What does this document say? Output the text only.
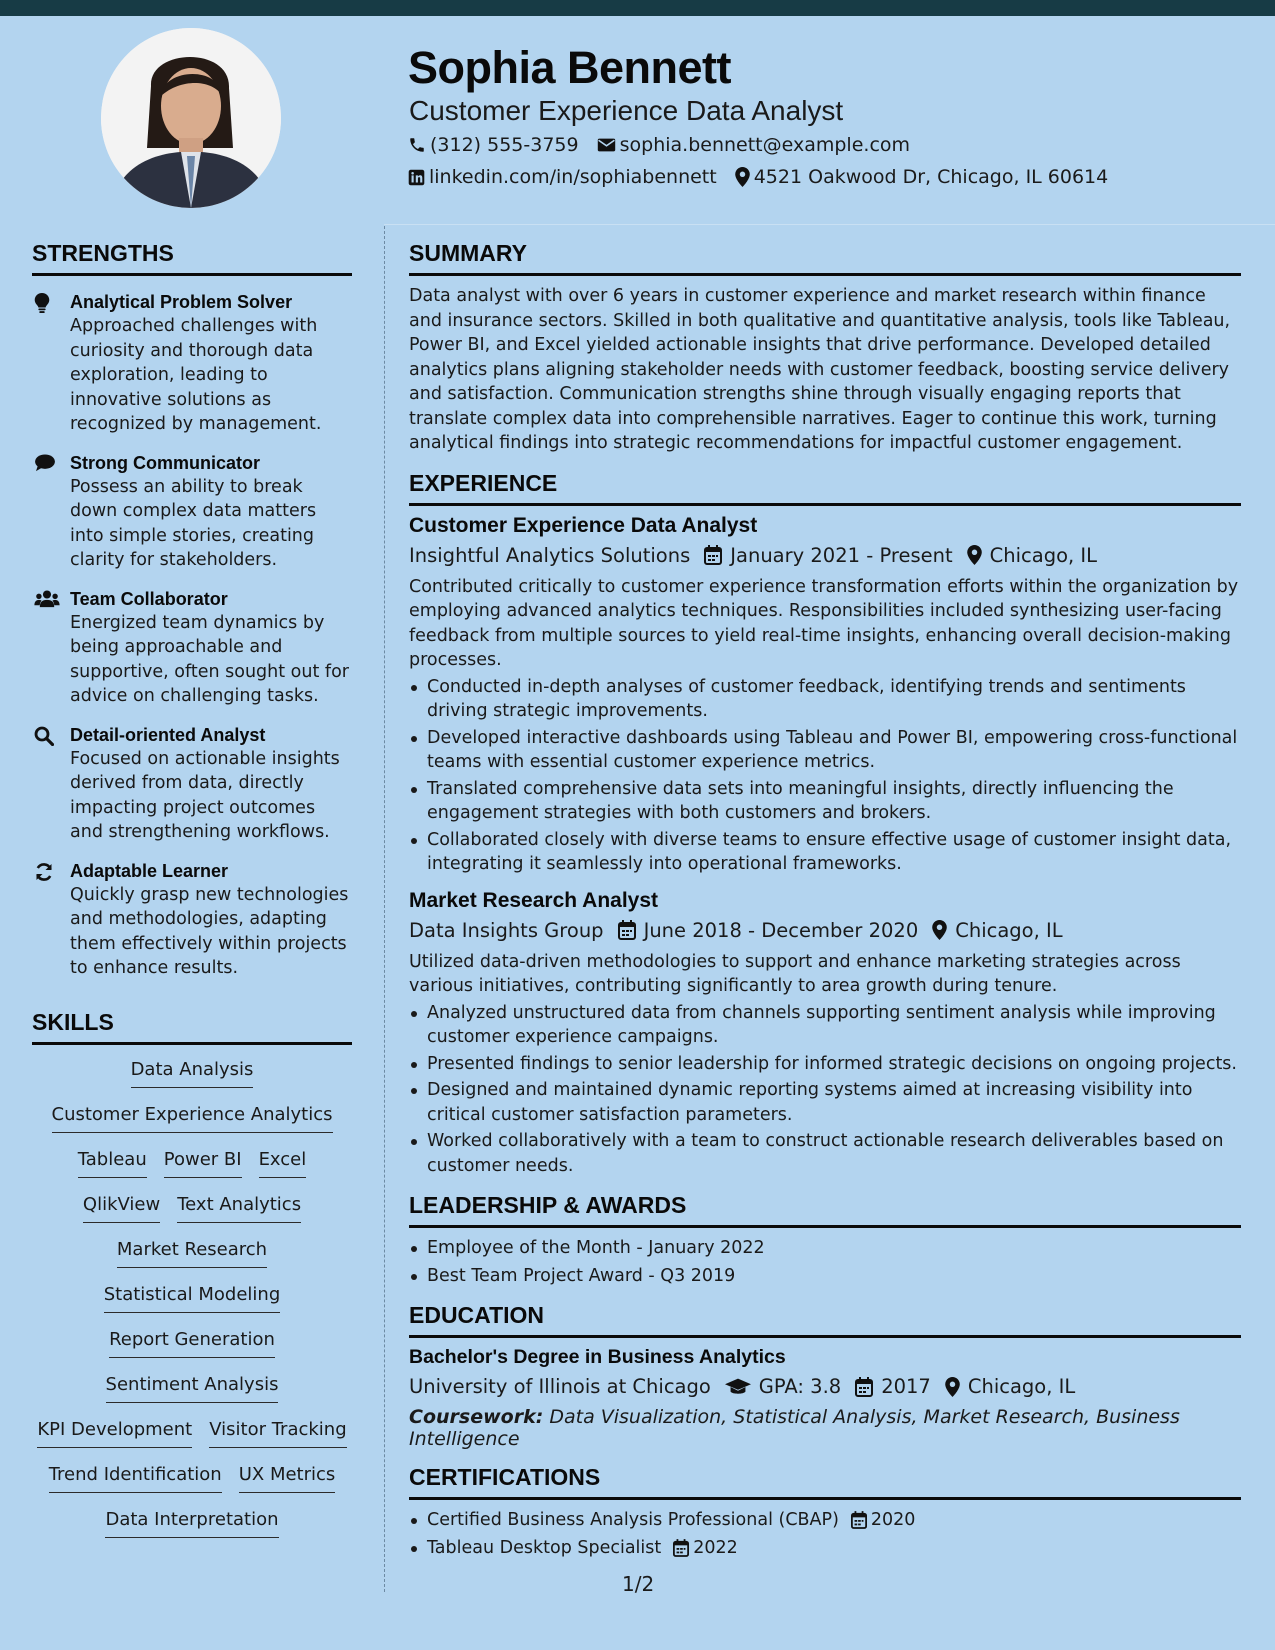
Sophia Bennett
Customer Experience Data Analyst
(312) 555-3759 sophia.bennett@example.com
linkedin.com/in/sophiabennett 4521 Oakwood Dr, Chicago, IL 60614
STRENGTHS
Analytical Problem Solver
Approached challenges with curiosity and thorough data exploration, leading to innovative solutions as recognized by management.
Strong Communicator
Possess an ability to break down complex data matters into simple stories, creating clarity for stakeholders.
Team Collaborator
Energized team dynamics by being approachable and supportive, often sought out for advice on challenging tasks.
Detail-oriented Analyst
Focused on actionable insights derived from data, directly impacting project outcomes and strengthening workflows.
Adaptable Learner
Quickly grasp new technologies and methodologies, adapting them effectively within projects to enhance results.
SKILLS
Data Analysis
Customer Experience Analytics
Tableau Power BI Excel
QlikView Text Analytics
Market Research
Statistical Modeling
Report Generation
Sentiment Analysis
KPI Development Visitor Tracking
Trend Identification UX Metrics
Data Interpretation
SUMMARY
Data analyst with over 6 years in customer experience and market research within finance and insurance sectors. Skilled in both qualitative and quantitative analysis, tools like Tableau, Power BI, and Excel yielded actionable insights that drive performance. Developed detailed analytics plans aligning stakeholder needs with customer feedback, boosting service delivery and satisfaction. Communication strengths shine through visually engaging reports that translate complex data into comprehensible narratives. Eager to continue this work, turning analytical findings into strategic recommendations for impactful customer engagement.
EXPERIENCE
Customer Experience Data Analyst
Insightful Analytics Solutions January 2021 - Present Chicago, IL
Contributed critically to customer experience transformation efforts within the organization by employing advanced analytics techniques. Responsibilities included synthesizing user-facing feedback from multiple sources to yield real-time insights, enhancing overall decision-making processes.
Conducted in-depth analyses of customer feedback, identifying trends and sentiments driving strategic improvements.
Developed interactive dashboards using Tableau and Power BI, empowering cross-functional teams with essential customer experience metrics.
Translated comprehensive data sets into meaningful insights, directly influencing the engagement strategies with both customers and brokers.
Collaborated closely with diverse teams to ensure effective usage of customer insight data, integrating it seamlessly into operational frameworks.
Market Research Analyst
Data Insights Group June 2018 - December 2020 Chicago, IL
Utilized data-driven methodologies to support and enhance marketing strategies across various initiatives, contributing significantly to area growth during tenure.
Analyzed unstructured data from channels supporting sentiment analysis while improving customer experience campaigns.
Presented findings to senior leadership for informed strategic decisions on ongoing projects.
Designed and maintained dynamic reporting systems aimed at increasing visibility into critical customer satisfaction parameters.
Worked collaboratively with a team to construct actionable research deliverables based on customer needs.
LEADERSHIP & AWARDS
Employee of the Month - January 2022
Best Team Project Award - Q3 2019
EDUCATION
Bachelor's Degree in Business Analytics
University of Illinois at Chicago GPA: 3.8 2017 Chicago, IL
Coursework: Data Visualization, Statistical Analysis, Market Research, Business Intelligence
CERTIFICATIONS
Certified Business Analysis Professional (CBAP) 2020
Tableau Desktop Specialist 2022
1/2
